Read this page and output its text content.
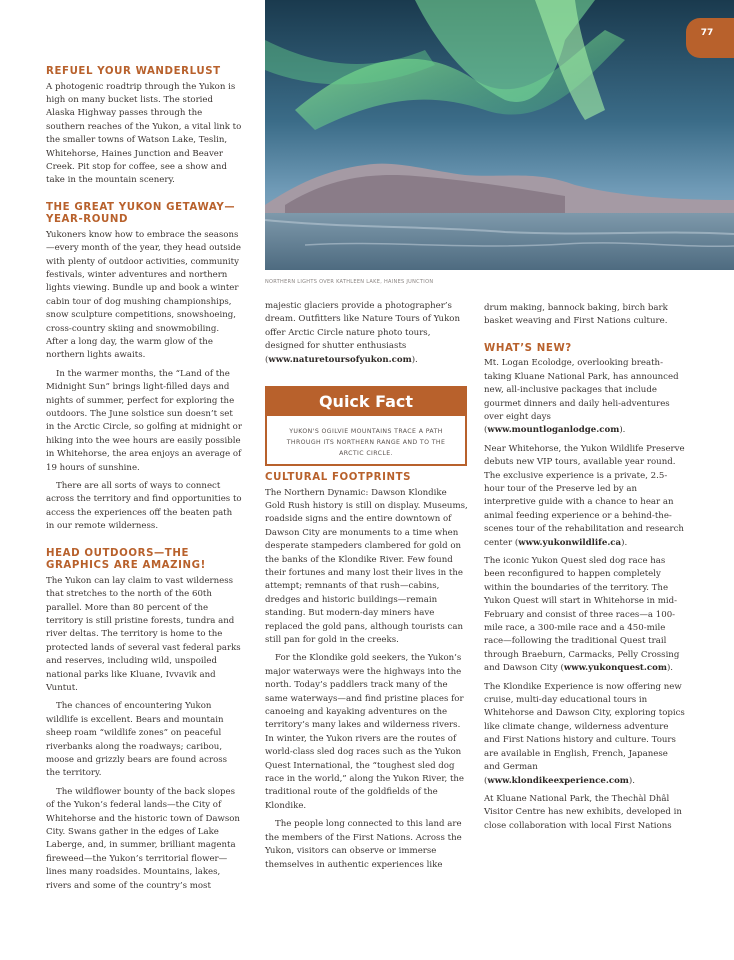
NORTHERN LIGHTS OVER KATHLEEN LAKE, HAINES JUNCTION
77
REFUEL YOUR WANDERLUST

A photogenic roadtrip through the Yukon is high on many bucket lists. The storied Alaska Highway passes through the southern reaches of the Yukon, a vital link to the smaller towns of Watson Lake, Teslin, Whitehorse, Haines Junction and Beaver Creek. Pit stop for coffee, see a show and take in the mountain scenery.

THE GREAT YUKON GETAWAY—YEAR-ROUND

Yukoners know how to embrace the seasons—every month of the year, they head outside with plenty of outdoor activities, community festivals, winter adventures and northern lights viewing. Bundle up and book a winter cabin tour of dog mushing championships, snow sculpture competitions, snowshoeing, cross-country skiing and snowmobiling. After a long day, the warm glow of the northern lights awaits.

In the warmer months, the “Land of the Midnight Sun” brings light-filled days and nights of summer, perfect for exploring the outdoors. The June solstice sun doesn’t set in the Arctic Circle, so golfing at midnight or hiking into the wee hours are easily possible in Whitehorse, the area enjoys an average of 19 hours of sunshine.

There are all sorts of ways to connect across the territory and find opportunities to access the experiences off the beaten path in our remote wilderness.

HEAD OUTDOORS—THE GRAPHICS ARE AMAZING!

The Yukon can lay claim to vast wilderness that stretches to the north of the 60th parallel. More than 80 percent of the territory is still pristine forests, tundra and river deltas. The territory is home to the protected lands of several vast federal parks and reserves, including wild, unspoiled national parks like Kluane, Ivvavik and Vuntut.

The chances of encountering Yukon wildlife is excellent. Bears and mountain sheep roam “wildlife zones” on peaceful riverbanks along the roadways; caribou, moose and grizzly bears are found across the territory.

The wildflower bounty of the back slopes of the Yukon’s federal lands—the City of Whitehorse and the historic town of Dawson City. Swans gather in the edges of Lake Laberge, and, in summer, brilliant magenta fireweed—the Yukon’s territorial flower—lines many roadsides. Mountains, lakes, rivers and some of the country’s most

majestic glaciers provide a photographer’s dream. Outfitters like Nature Tours of Yukon offer Arctic Circle nature photo tours, designed for shutter enthusiasts (www.naturetoursofyukon.com).

CULTURAL FOOTPRINTS

The Northern Dynamic: Dawson Klondike Gold Rush history is still on display. Museums, roadside signs and the entire downtown of Dawson City are monuments to a time when desperate stampeders clambered for gold on the banks of the Klondike River. Few found their fortunes and many lost their lives in the attempt; remnants of that rush—cabins, dredges and historic buildings—remain standing. But modern-day miners have replaced the gold pans, although tourists can still pan for gold in the creeks.

For the Klondike gold seekers, the Yukon’s major waterways were the highways into the north. Today’s paddlers track many of the same waterways—and find pristine places for canoeing and kayaking adventures on the territory’s many lakes and wilderness rivers. In winter, the Yukon rivers are the routes of world-class sled dog races such as the Yukon Quest International, the “toughest sled dog race in the world,” along the Yukon River, the traditional route of the goldfields of the Klondike.

The people long connected to this land are the members of the First Nations. Across the Yukon, visitors can observe or immerse themselves in authentic experiences like

drum making, bannock baking, birch bark basket weaving and First Nations culture.

WHAT’S NEW?

Mt. Logan Ecolodge, overlooking breath-taking Kluane National Park, has announced new, all-inclusive packages that include gourmet dinners and daily heli-adventures over eight days (www.mountloganlodge.com).

Near Whitehorse, the Yukon Wildlife Preserve debuts new VIP tours, available year round. The exclusive experience is a private, 2.5-hour tour of the Preserve led by an interpretive guide with a chance to hear an animal feeding experience or a behind-the-scenes tour of the rehabilitation and research center (www.yukonwildlife.ca).

The iconic Yukon Quest sled dog race has been reconfigured to happen completely within the boundaries of the territory. The Yukon Quest will start in Whitehorse in mid-February and consist of three races—a 100-mile race, a 300-mile race and a 450-mile race—following the traditional Quest trail through Braeburn, Carmacks, Pelly Crossing and Dawson City (www.yukonquest.com).

The Klondike Experience is now offering new cruise, multi-day educational tours in Whitehorse and Dawson City, exploring topics like climate change, wilderness adventure and First Nations history and culture. Tours are available in English, French, Japanese and German (www.klondikeexperience.com).

At Kluane National Park, the Thechàl Dhâl Visitor Centre has new exhibits, developed in close collaboration with local First Nations

Quick Fact
YUKON'S OGILVIE MOUNTAINS TRACE A PATH THROUGH ITS NORTHERN RANGE AND TO THE ARCTIC CIRCLE.
